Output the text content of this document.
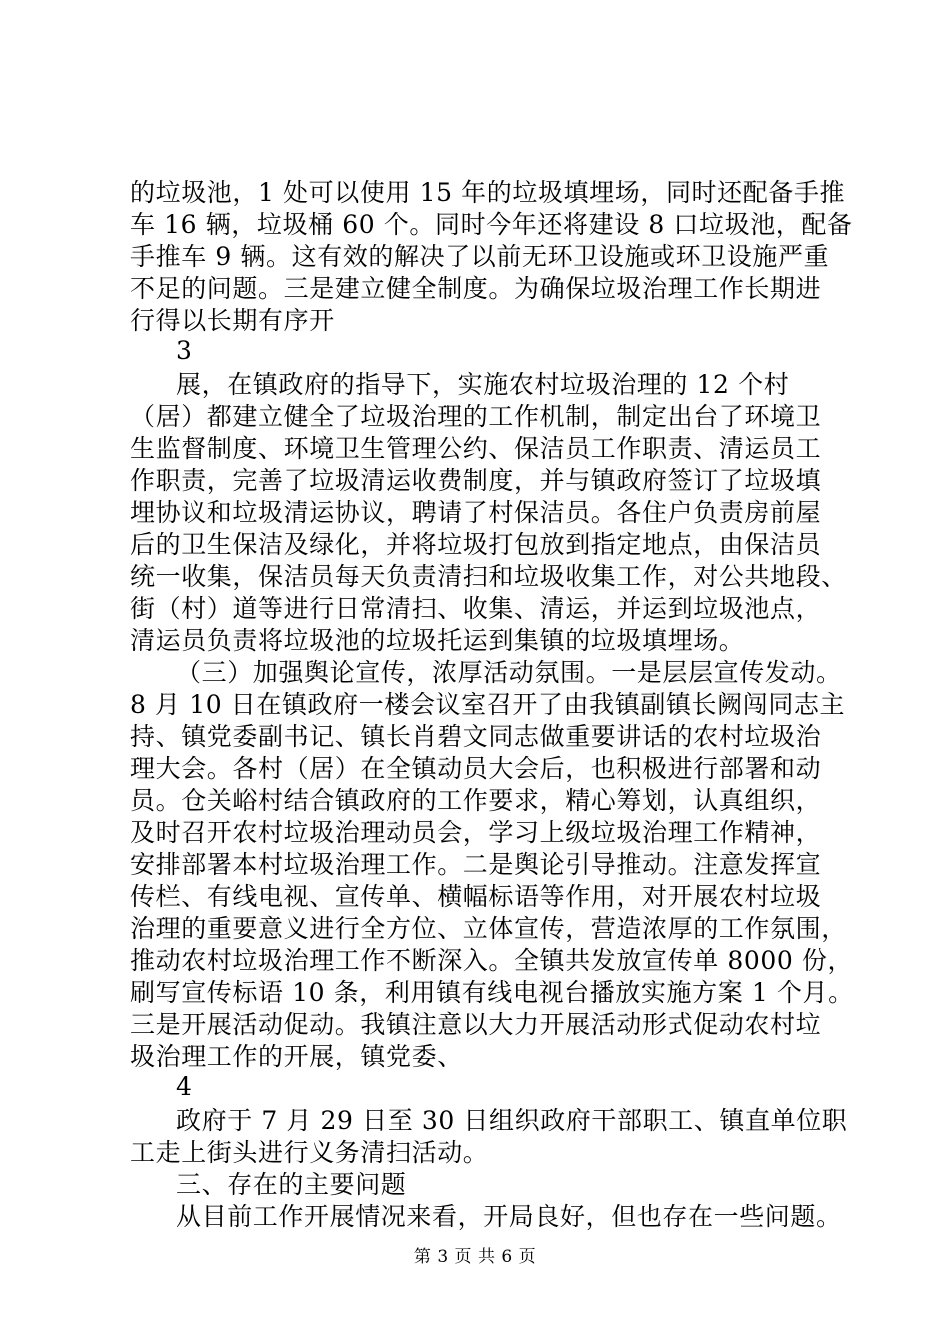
的垃圾池，1 处可以使用 15 年的垃圾填埋场，同时还配备手推
车 16 辆，垃圾桶 60 个。同时今年还将建设 8 口垃圾池，配备
手推车 9 辆。这有效的解决了以前无环卫设施或环卫设施严重
不足的问题。三是建立健全制度。为确保垃圾治理工作长期进
行得以长期有序开
3
展，在镇政府的指导下，实施农村垃圾治理的 12 个村
（居）都建立健全了垃圾治理的工作机制，制定出台了环境卫
生监督制度、环境卫生管理公约、保洁员工作职责、清运员工
作职责，完善了垃圾清运收费制度，并与镇政府签订了垃圾填
埋协议和垃圾清运协议，聘请了村保洁员。各住户负责房前屋
后的卫生保洁及绿化，并将垃圾打包放到指定地点，由保洁员
统一收集，保洁员每天负责清扫和垃圾收集工作，对公共地段、
街（村）道等进行日常清扫、收集、清运，并运到垃圾池点，
清运员负责将垃圾池的垃圾托运到集镇的垃圾填埋场。
（三）加强舆论宣传，浓厚活动氛围。一是层层宣传发动。
8 月 10 日在镇政府一楼会议室召开了由我镇副镇长阙闯同志主
持、镇党委副书记、镇长肖碧文同志做重要讲话的农村垃圾治
理大会。各村（居）在全镇动员大会后，也积极进行部署和动
员。仓关峪村结合镇政府的工作要求，精心筹划，认真组织，
及时召开农村垃圾治理动员会，学习上级垃圾治理工作精神，
安排部署本村垃圾治理工作。二是舆论引导推动。注意发挥宣
传栏、有线电视、宣传单、横幅标语等作用，对开展农村垃圾
治理的重要意义进行全方位、立体宣传，营造浓厚的工作氛围，
推动农村垃圾治理工作不断深入。全镇共发放宣传单 8000 份，
刷写宣传标语 10 条，利用镇有线电视台播放实施方案 1 个月。
三是开展活动促动。我镇注意以大力开展活动形式促动农村垃
圾治理工作的开展，镇党委、
4
政府于 7 月 29 日至 30 日组织政府干部职工、镇直单位职
工走上街头进行义务清扫活动。
三、存在的主要问题
从目前工作开展情况来看，开局良好，但也存在一些问题。
第 3 页 共 6 页
